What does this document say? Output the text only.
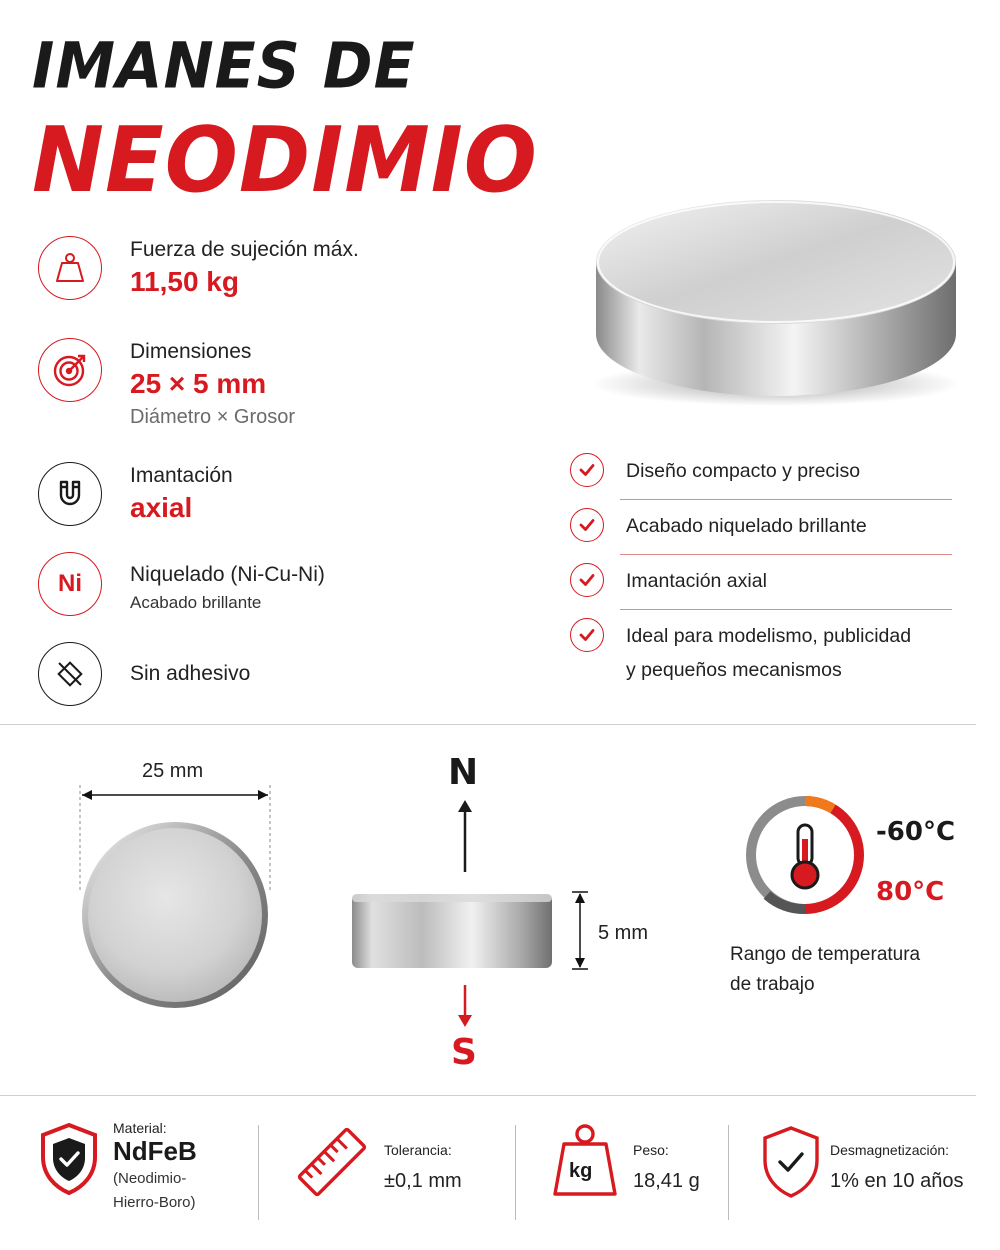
IMANES DE
NEODIMIO
Fuerza de sujeción máx.
11,50 kg
Dimensiones
25 × 5 mm
Diámetro × Grosor
Imantación
axial
Ni Niquelado (Ni-Cu-Ni)
Acabado brillante
Sin adhesivo
Diseño compacto y preciso
Acabado niquelado brillante
Imantación axial
Ideal para modelismo, publicidad
y pequeños mecanismos
25 mm	N
5 mm
S
-60°C
80°C
Rango de temperatura
de trabajo
Material:
NdFeB
(Neodimio-
Hierro-Boro)
Tolerancia:
±0,1 mm	kg
Peso:
18,41 g
Desmagnetización:
1% en 10 años
